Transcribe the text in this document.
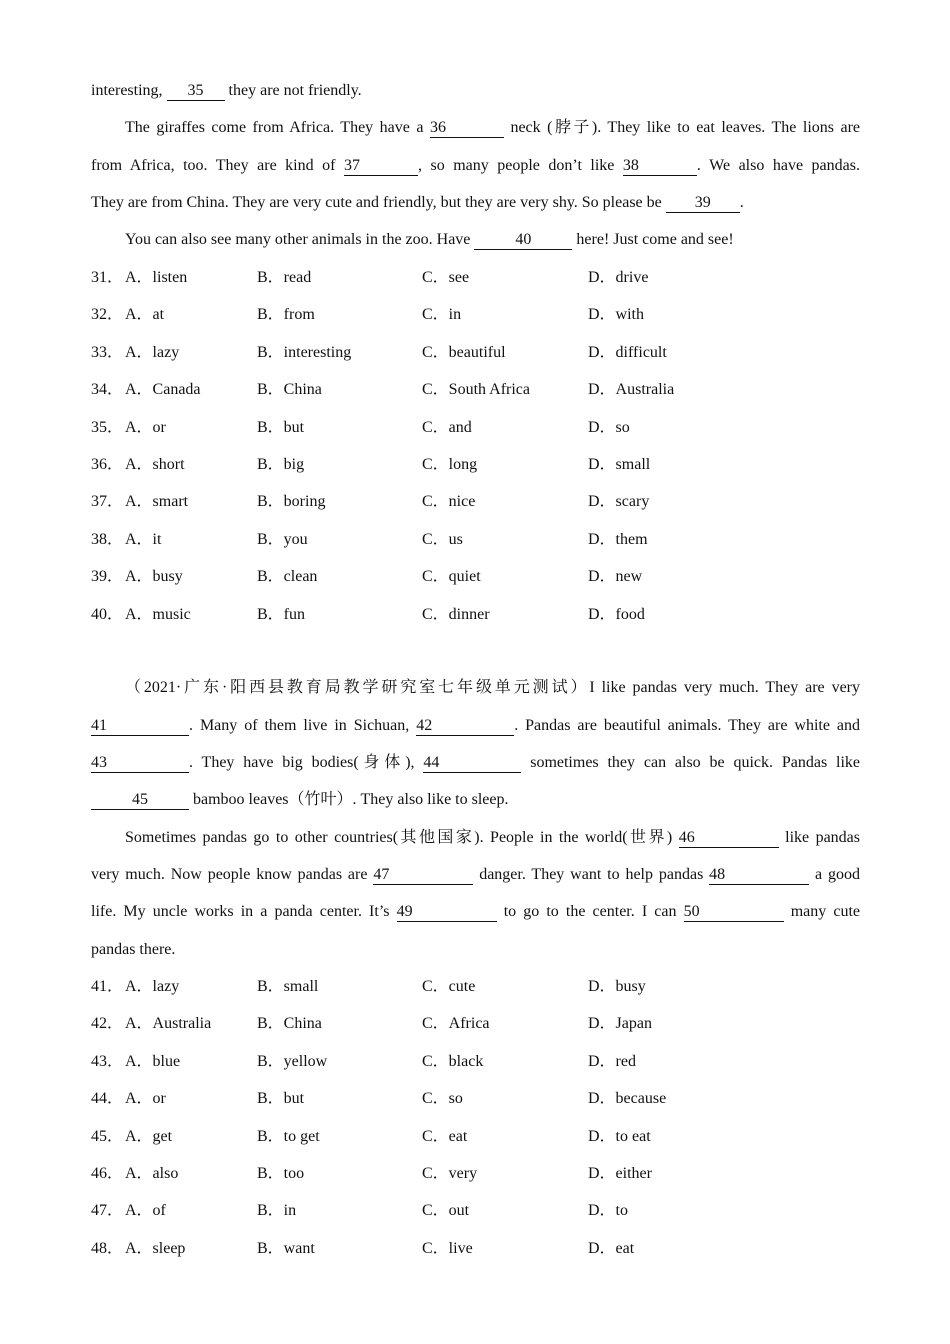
interesting, 35 they are not friendly.
The giraffes come from Africa. They have a 36	neck (脖子). They like to eat leaves. The lions are
from Africa, too. They are kind of 37	, so many people don’t like 38	. We also have pandas.
They are from China. They are very cute and friendly, but they are very shy. So please be 39 .
You can also see many other animals in the zoo. Have	40	here! Just come and see!
31． A．listen	B．read	C．see	D．drive
32． A．at	B．from	C．in	D．with
33． A．lazy	B．interesting	C．beautiful	D．difficult
34． A．Canada	B．China	C．South Africa	D．Australia
35． A．or	B．but	C．and	D．so
36． A．short	B．big	C．long	D．small
37． A．smart	B．boring	C．nice	D．scary
38． A．it	B．you	C．us	D．them
39． A．busy	B．clean	C．quiet	D．new
40． A．music	B．fun	C．dinner	D．food
（2021·广东·阳西县教育局教学研究室七年级单元测试）I like pandas very much. They are very
41	. Many of them live in Sichuan, 42	. Pandas are beautiful animals. They are white and
43	. They have big bodies(身体), 44	sometimes they can also be quick. Pandas like
45	bamboo leaves（竹叶）. They also like to sleep.
Sometimes pandas go to other countries(其他国家). People in the world(世界) 46	like pandas
very much. Now people know pandas are 47	danger. They want to help pandas 48	a good
life. My uncle works in a panda center. It’s 49	to go to the center. I can 50	many cute
pandas there.
41． A．lazy	B．small	C．cute	D．busy
42． A．Australia	B．China	C．Africa	D．Japan
43． A．blue	B．yellow	C．black	D．red
44． A．or	B．but	C．so	D．because
45． A．get	B．to get	C．eat	D．to eat
46． A．also	B．too	C．very	D．either
47． A．of	B．in	C．out	D．to
48． A．sleep	B．want	C．live	D．eat
